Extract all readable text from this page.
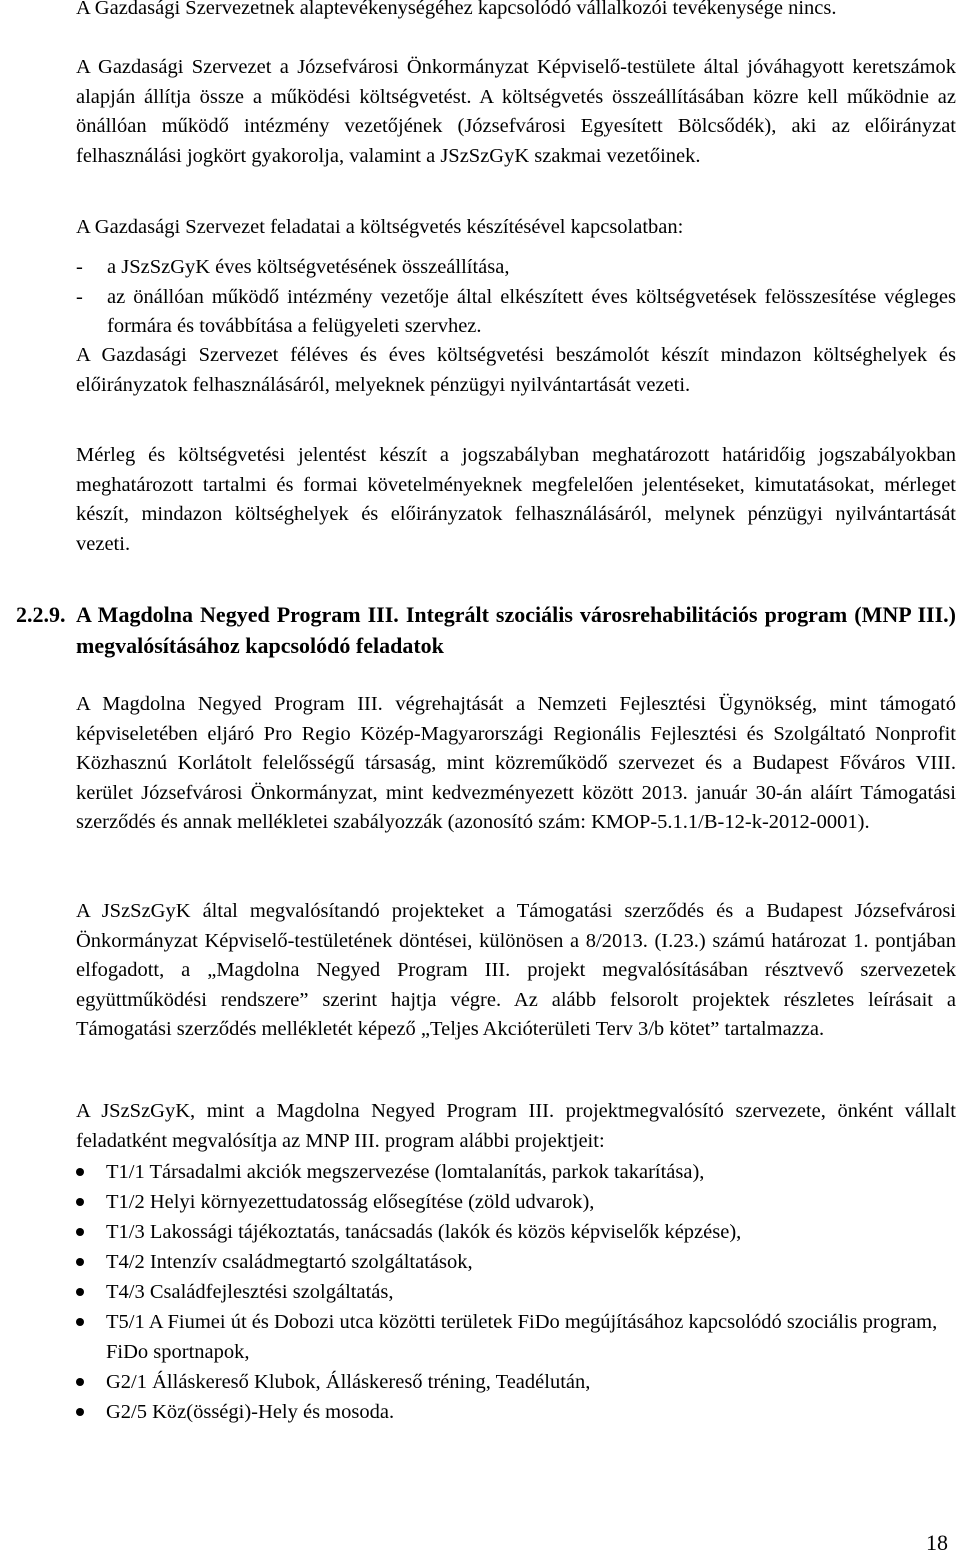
A Gazdasági Szervezetnek alaptevékenységéhez kapcsolódó vállalkozói tevékenysége nincs.

A Gazdasági Szervezet a Józsefvárosi Önkormányzat Képviselő-testülete által jóváhagyott keretszámok alapján állítja össze a működési költségvetést. A költségvetés összeállításában közre kell működnie az önállóan működő intézmény vezetőjének (Józsefvárosi Egyesített Bölcsődék), aki az előirányzat felhasználási jogkört gyakorolja, valamint a JSzSzGyK szakmai vezetőinek.

A Gazdasági Szervezet feladatai a költségvetés készítésével kapcsolatban:

- a JSzSzGyK éves költségvetésének összeállítása,
- az önállóan működő intézmény vezetője által elkészített éves költségvetések felösszesítése végleges formára és továbbítása a felügyeleti szervhez.

A Gazdasági Szervezet féléves és éves költségvetési beszámolót készít mindazon költséghelyek és előirányzatok felhasználásáról, melyeknek pénzügyi nyilvántartását vezeti.

Mérleg és költségvetési jelentést készít a jogszabályban meghatározott határidőig jogszabályokban meghatározott tartalmi és formai követelményeknek megfelelően jelentéseket, kimutatásokat, mérleget készít, mindazon költséghelyek és előirányzatok felhasználásáról, melynek pénzügyi nyilvántartását vezeti.

2.2.9. A Magdolna Negyed Program III. Integrált szociális városrehabilitációs program (MNP III.) megvalósításához kapcsolódó feladatok

A Magdolna Negyed Program III. végrehajtását a Nemzeti Fejlesztési Ügynökség, mint támogató képviseletében eljáró Pro Regio Közép-Magyarországi Regionális Fejlesztési és Szolgáltató Nonprofit Közhasznú Korlátolt felelősségű társaság, mint közreműködő szervezet és a Budapest Főváros VIII. kerület Józsefvárosi Önkormányzat, mint kedvezményezett között 2013. január 30-án aláírt Támogatási szerződés és annak mellékletei szabályozzák (azonosító szám: KMOP-5.1.1/B-12-k-2012-0001).

A JSzSzGyK által megvalósítandó projekteket a Támogatási szerződés és a Budapest Józsefvárosi Önkormányzat Képviselő-testületének döntései, különösen a 8/2013. (I.23.) számú határozat 1. pontjában elfogadott, a „Magdolna Negyed Program III. projekt megvalósításában résztvevő szervezetek együttműködési rendszere” szerint hajtja végre. Az alább felsorolt projektek részletes leírásait a Támogatási szerződés mellékletét képező „Teljes Akcióterületi Terv 3/b kötet” tartalmazza.

A JSzSzGyK, mint a Magdolna Negyed Program III. projektmegvalósító szervezete, önként vállalt feladatként megvalósítja az MNP III. program alábbi projektjeit:

T1/1 Társadalmi akciók megszervezése (lomtalanítás, parkok takarítása),
T1/2 Helyi környezettudatosság elősegítése (zöld udvarok),
T1/3 Lakossági tájékoztatás, tanácsadás (lakók és közös képviselők képzése),
T4/2 Intenzív családmegtartó szolgáltatások,
T4/3 Családfejlesztési szolgáltatás,
T5/1 A Fiumei út és Dobozi utca közötti területek FiDo megújításához kapcsolódó szociális program, FiDo sportnapok,
G2/1 Álláskereső Klubok, Álláskereső tréning, Teadélután,
G2/5 Köz(össégi)-Hely és mosoda.
18
